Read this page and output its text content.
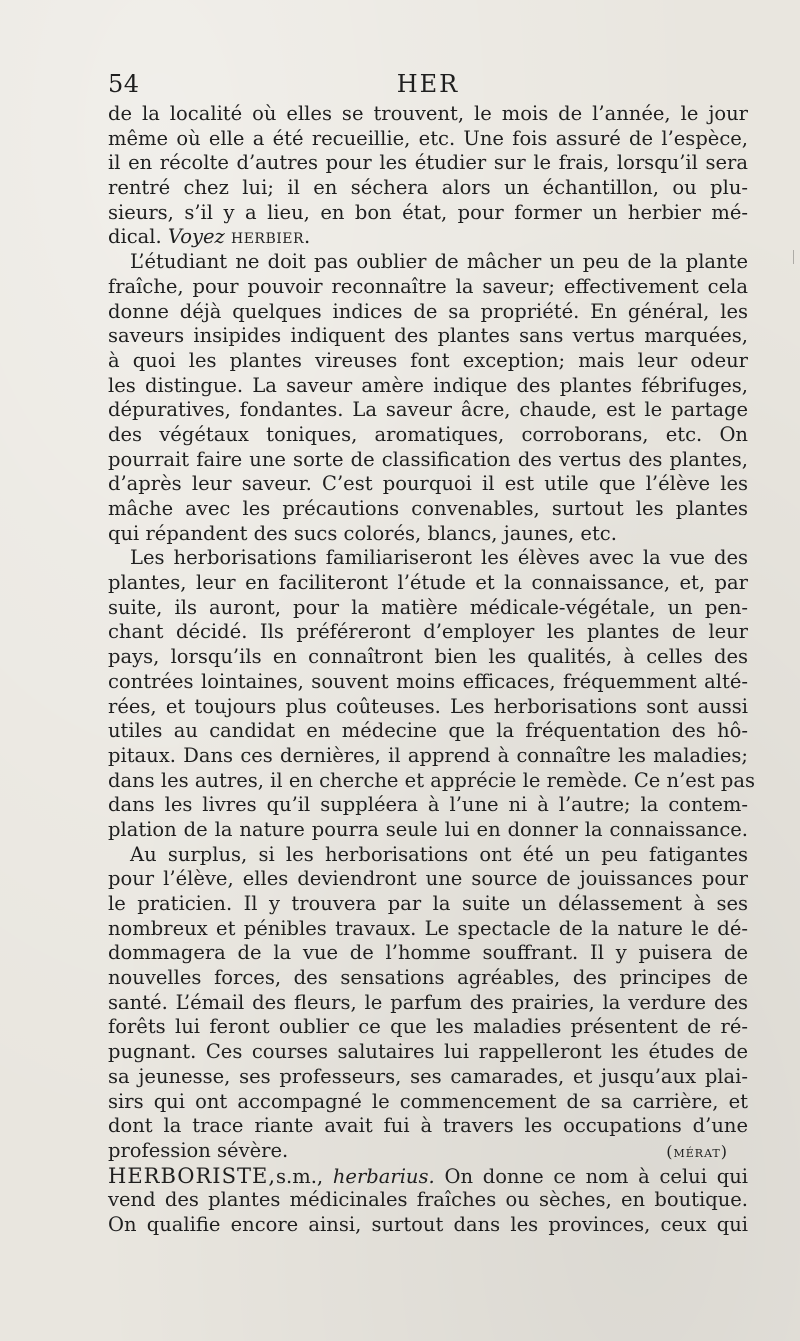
54	HER
de la localité où elles se trouvent, le mois de l’année, le jour
même où elle a été recueillie, etc. Une fois assuré de l’espèce,
il en récolte d’autres pour les étudier sur le frais, lorsqu’il sera
rentré chez lui; il en séchera alors un échantillon, ou plu-
sieurs, s’il y a lieu, en bon état, pour former un herbier mé-
dical. Voyez herbier.
L’étudiant ne doit pas oublier de mâcher un peu de la plante
fraîche, pour pouvoir reconnaître la saveur; effectivement cela
donne déjà quelques indices de sa propriété. En général, les
saveurs insipides indiquent des plantes sans vertus marquées,
à quoi les plantes vireuses font exception; mais leur odeur
les distingue. La saveur amère indique des plantes fébrifuges,
dépuratives, fondantes. La saveur âcre, chaude, est le partage
des végétaux toniques, aromatiques, corroborans, etc. On
pourrait faire une sorte de classification des vertus des plantes,
d’après leur saveur. C’est pourquoi il est utile que l’élève les
mâche avec les précautions convenables, surtout les plantes
qui répandent des sucs colorés, blancs, jaunes, etc.
Les herborisations familiariseront les élèves avec la vue des
plantes, leur en faciliteront l’étude et la connaissance, et, par
suite, ils auront, pour la matière médicale-végétale, un pen-
chant décidé. Ils préféreront d’employer les plantes de leur
pays, lorsqu’ils en connaîtront bien les qualités, à celles des
contrées lointaines, souvent moins efficaces, fréquemment alté-
rées, et toujours plus coûteuses. Les herborisations sont aussi
utiles au candidat en médecine que la fréquentation des hô-
pitaux. Dans ces dernières, il apprend à connaître les maladies;
dans les autres, il en cherche et apprécie le remède. Ce n’est pas
dans les livres qu’il suppléera à l’une ni à l’autre; la contem-
plation de la nature pourra seule lui en donner la connaissance.
Au surplus, si les herborisations ont été un peu fatigantes
pour l’élève, elles deviendront une source de jouissances pour
le praticien. Il y trouvera par la suite un délassement à ses
nombreux et pénibles travaux. Le spectacle de la nature le dé-
dommagera de la vue de l’homme souffrant. Il y puisera de
nouvelles forces, des sensations agréables, des principes de
santé. L’émail des fleurs, le parfum des prairies, la verdure des
forêts lui feront oublier ce que les maladies présentent de ré-
pugnant. Ces courses salutaires lui rappelleront les études de
sa jeunesse, ses professeurs, ses camarades, et jusqu’aux plai-
sirs qui ont accompagné le commencement de sa carrière, et
dont la trace riante avait fui à travers les occupations d’une
profession sévère.	(mérat)
HERBORISTE,s.m., herbarius. On donne ce nom à celui qui
vend des plantes médicinales fraîches ou sèches, en boutique.
On qualifie encore ainsi, surtout dans les provinces, ceux qui
